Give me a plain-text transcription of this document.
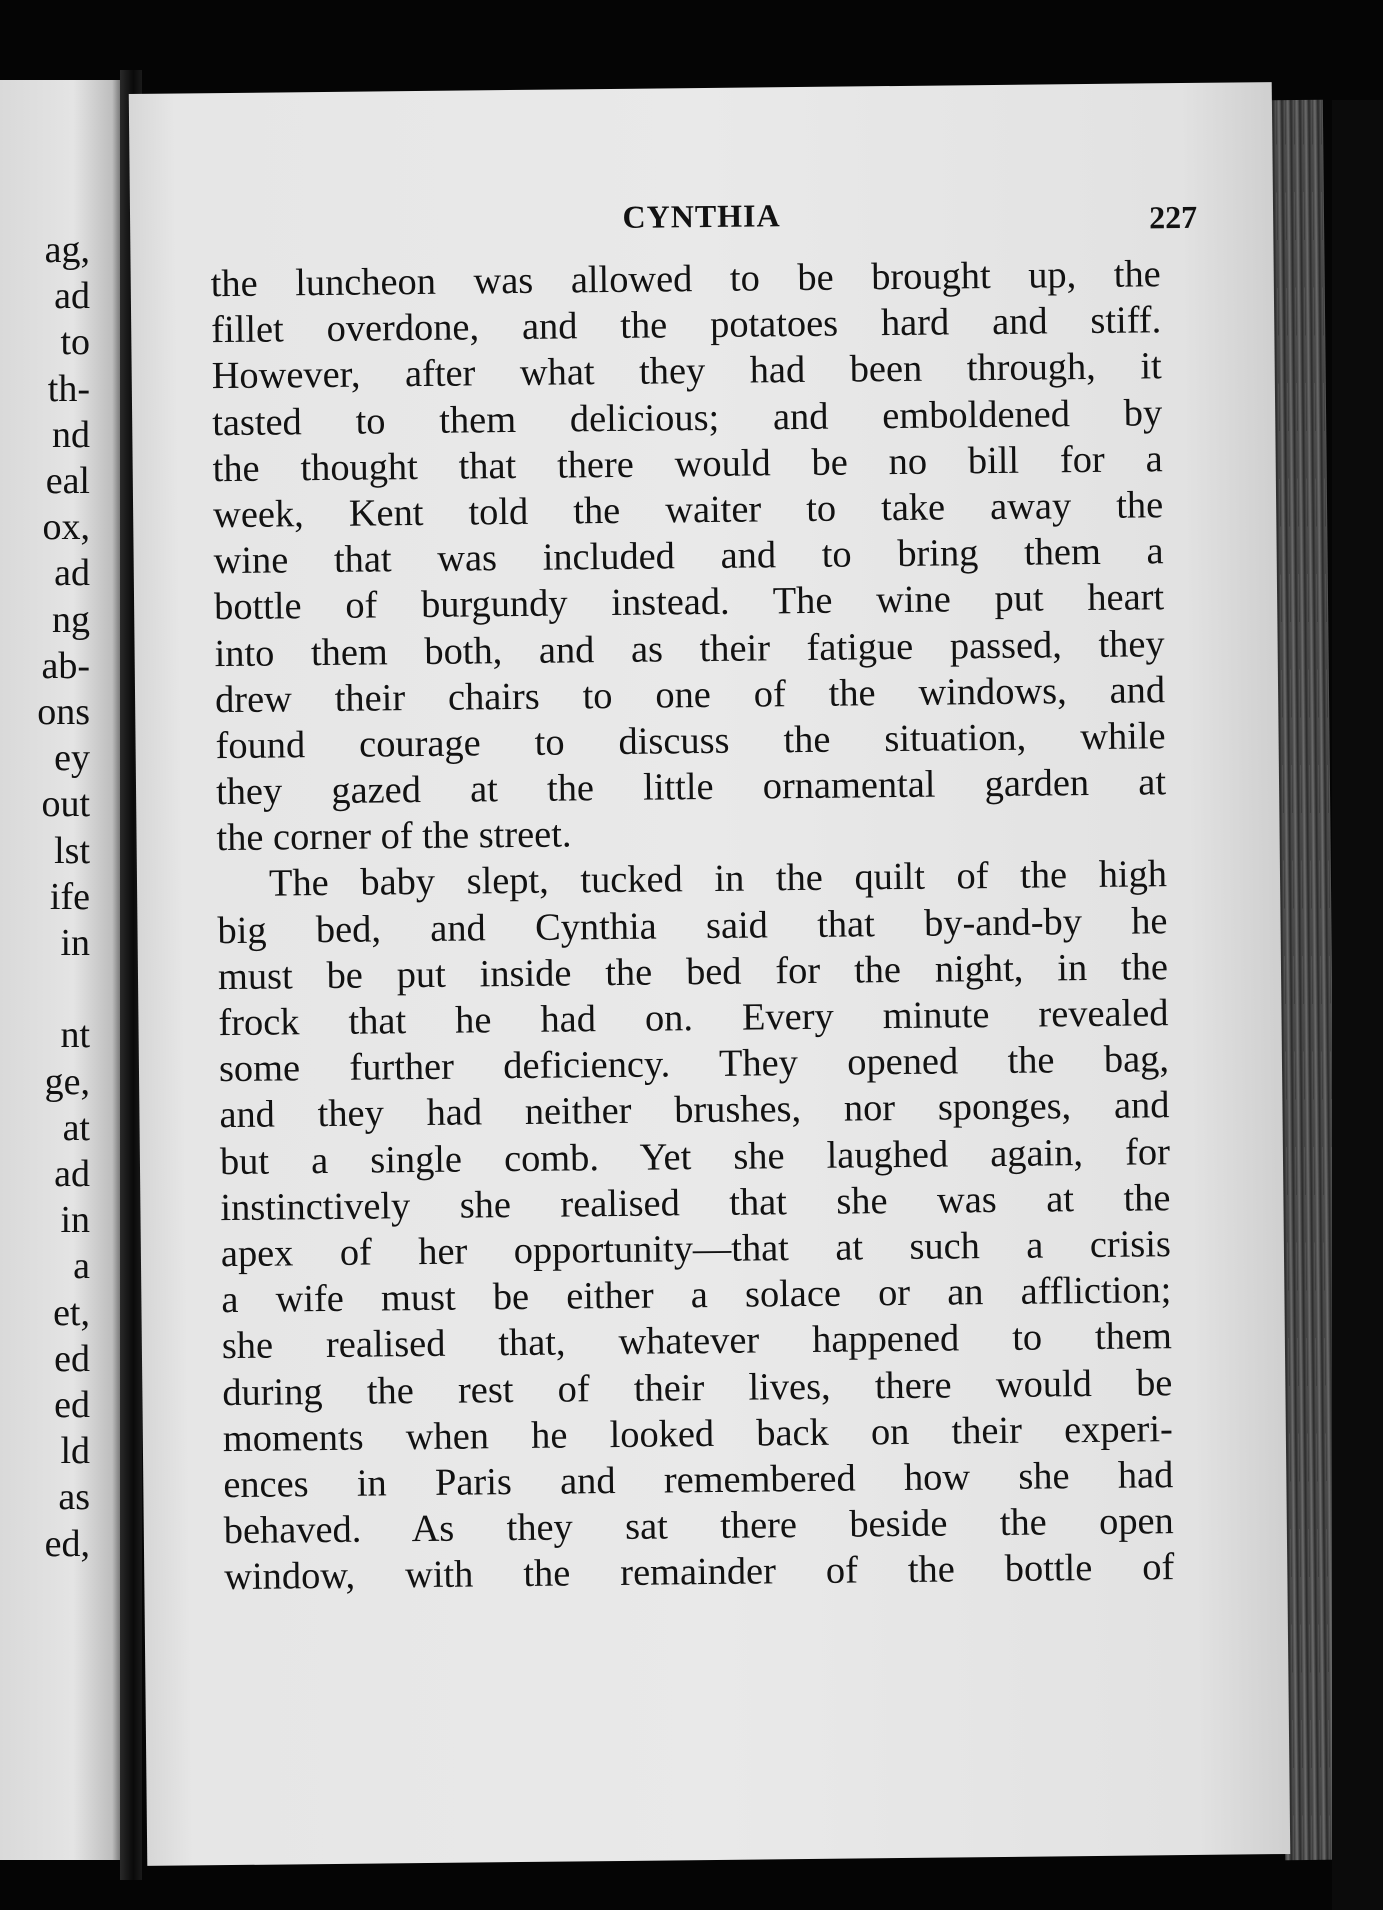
ag,
ad
to
th-
nd
eal
ox,
ad
ng
ab-
ons
ey
out
lst
ife
in
nt
ge,
at
ad
in
a
et,
ed
ed
ld
as
ed,
CYNTHIA	227
the luncheon was allowed to be brought up, the
fillet overdone, and the potatoes hard and stiff.
However, after what they had been through, it
tasted to them delicious; and emboldened by
the thought that there would be no bill for a
week, Kent told the waiter to take away the
wine that was included and to bring them a
bottle of burgundy instead. The wine put heart
into them both, and as their fatigue passed, they
drew their chairs to one of the windows, and
found courage to discuss the situation, while
they gazed at the little ornamental garden at
the corner of the street.
The baby slept, tucked in the quilt of the high
big bed, and Cynthia said that by-and-by he
must be put inside the bed for the night, in the
frock that he had on. Every minute revealed
some further deficiency. They opened the bag,
and they had neither brushes, nor sponges, and
but a single comb. Yet she laughed again, for
instinctively she realised that she was at the
apex of her opportunity—that at such a crisis
a wife must be either a solace or an affliction;
she realised that, whatever happened to them
during the rest of their lives, there would be
moments when he looked back on their experi-
ences in Paris and remembered how she had
behaved. As they sat there beside the open
window, with the remainder of the bottle of
